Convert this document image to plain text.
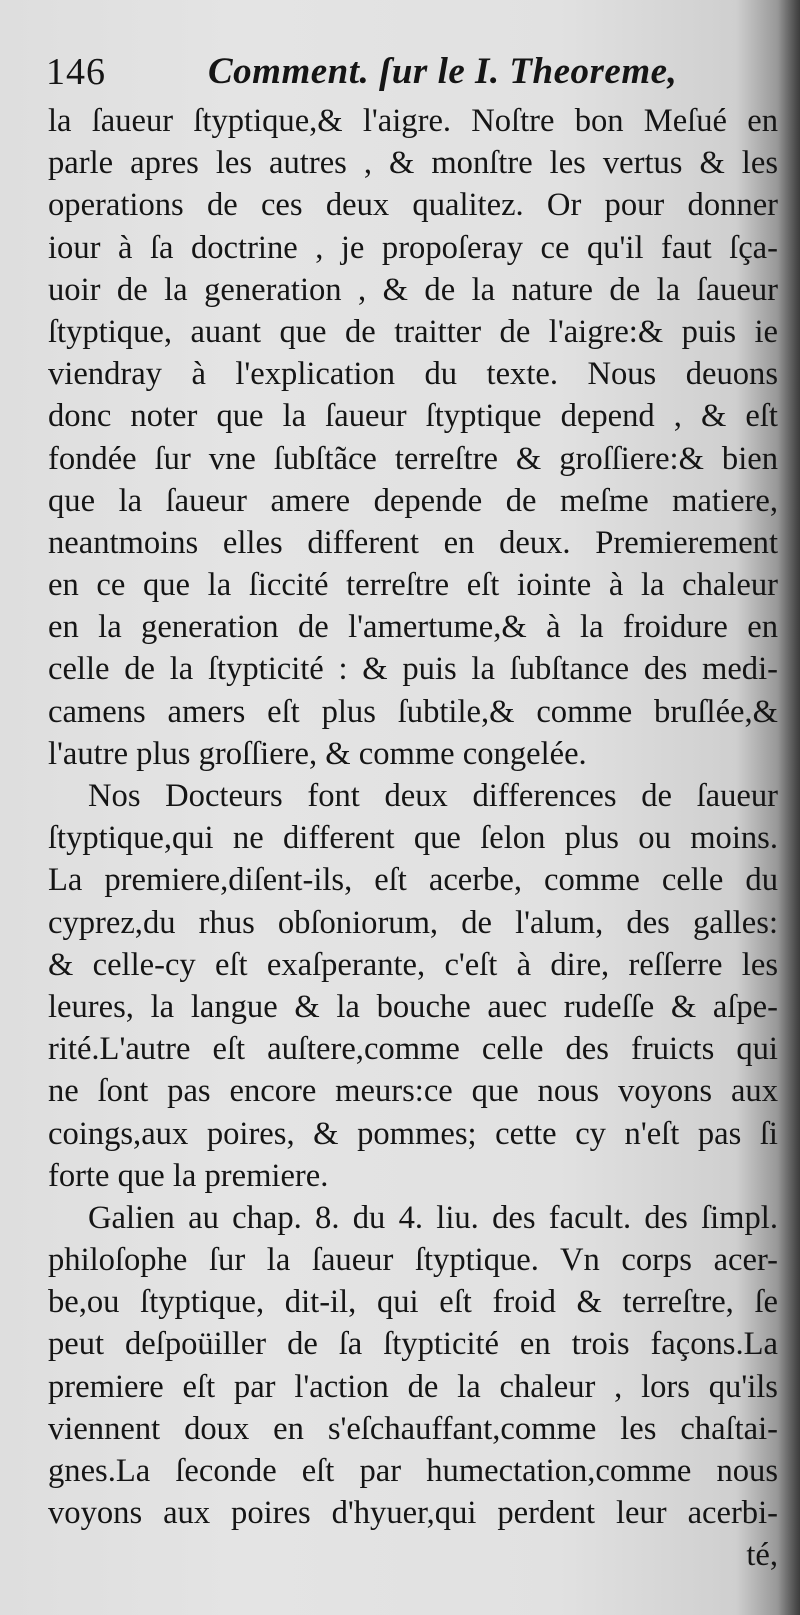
146	Comment. ſur le I. Theoreme,
la ſaueur ſtyptique,& l'aigre. Noſtre bon Meſué en
parle apres les autres , & monſtre les vertus & les
operations de ces deux qualitez. Or pour donner
iour à ſa doctrine , je propoſeray ce qu'il faut ſça-
uoir de la generation , & de la nature de la ſaueur
ſtyptique, auant que de traitter de l'aigre:& puis ie
viendray à l'explication du texte. Nous deuons
donc noter que la ſaueur ſtyptique depend , & eſt
fondée ſur vne ſubſtãce terreſtre & groſſiere:& bien
que la ſaueur amere depende de meſme matiere,
neantmoins elles different en deux. Premierement
en ce que la ſiccité terreſtre eſt iointe à la chaleur
en la generation de l'amertume,& à la froidure en
celle de la ſtypticité : & puis la ſubſtance des medi-
camens amers eſt plus ſubtile,& comme bruſlée,&
l'autre plus groſſiere, & comme congelée.
Nos Docteurs font deux differences de ſaueur
ſtyptique,qui ne different que ſelon plus ou moins.
La premiere,diſent-ils, eſt acerbe, comme celle du
cyprez,du rhus obſoniorum, de l'alum, des galles:
& celle-cy eſt exaſperante, c'eſt à dire, reſſerre les
leures, la langue & la bouche auec rudeſſe & aſpe-
rité.L'autre eſt auſtere,comme celle des fruicts qui
ne ſont pas encore meurs:ce que nous voyons aux
coings,aux poires, & pommes; cette cy n'eſt pas ſi
forte que la premiere.
Galien au chap. 8. du 4. liu. des facult. des ſimpl.
philoſophe ſur la ſaueur ſtyptique. Vn corps acer-
be,ou ſtyptique, dit-il, qui eſt froid & terreſtre, ſe
peut deſpoüiller de ſa ſtypticité en trois façons.La
premiere eſt par l'action de la chaleur , lors qu'ils
viennent doux en s'eſchauffant,comme les chaſtai-
gnes.La ſeconde eſt par humectation,comme nous
voyons aux poires d'hyuer,qui perdent leur acerbi-
té,
